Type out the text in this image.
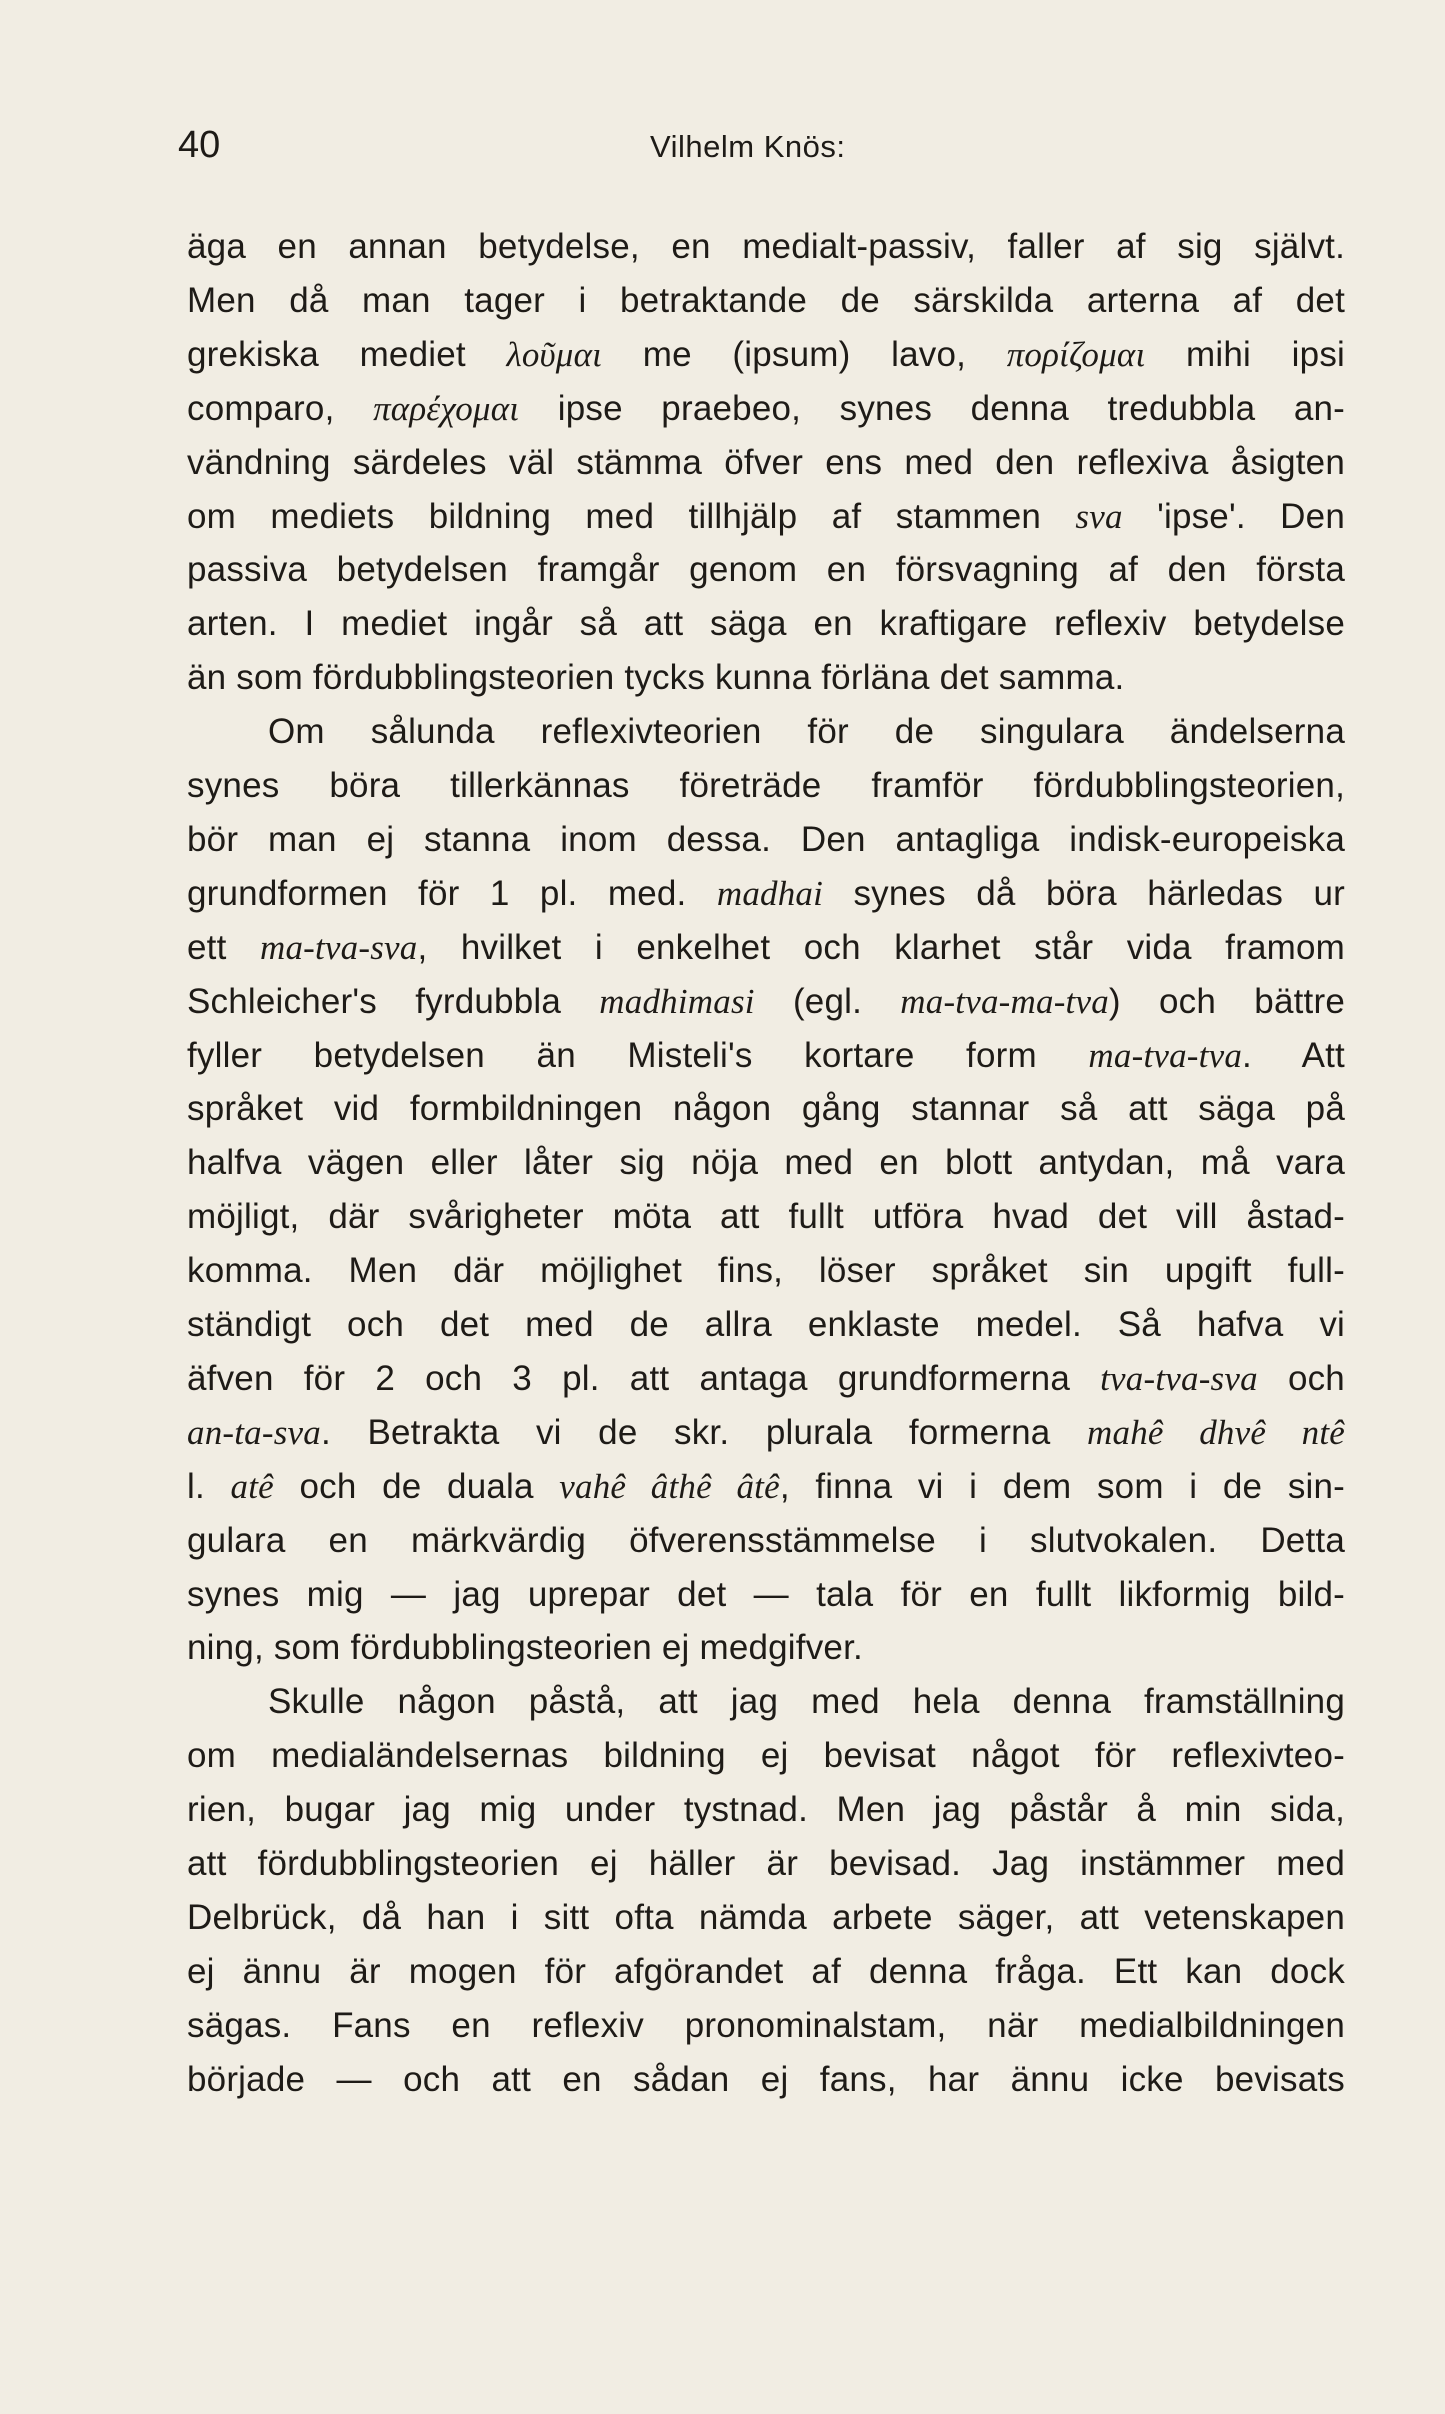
40	Vilhelm Knös:
äga en annan betydelse, en medialt-passiv, faller af sig självt.
Men då man tager i betraktande de särskilda arterna af det
grekiska mediet λοῦμαι me (ipsum) lavo, πορίζομαι mihi ipsi
comparo, παρέχομαι ipse praebeo, synes denna tredubbla an-
vändning särdeles väl stämma öfver ens med den reflexiva åsigten
om mediets bildning med tillhjälp af stammen sva 'ipse'. Den
passiva betydelsen framgår genom en försvagning af den första
arten. I mediet ingår så att säga en kraftigare reflexiv betydelse
än som fördubblingsteorien tycks kunna förläna det samma.
Om sålunda reflexivteorien för de singulara ändelserna
synes böra tillerkännas företräde framför fördubblingsteorien,
bör man ej stanna inom dessa. Den antagliga indisk-europeiska
grundformen för 1 pl. med. madhai synes då böra härledas ur
ett ma-tva-sva, hvilket i enkelhet och klarhet står vida framom
Schleicher's fyrdubbla madhimasi (egl. ma-tva-ma-tva) och bättre
fyller betydelsen än Misteli's kortare form ma-tva-tva. Att
språket vid formbildningen någon gång stannar så att säga på
halfva vägen eller låter sig nöja med en blott antydan, må vara
möjligt, där svårigheter möta att fullt utföra hvad det vill åstad-
komma. Men där möjlighet fins, löser språket sin upgift full-
ständigt och det med de allra enklaste medel. Så hafva vi
äfven för 2 och 3 pl. att antaga grundformerna tva-tva-sva och
an-ta-sva. Betrakta vi de skr. plurala formerna mahê dhvê ntê
l. atê och de duala vahê âthê âtê, finna vi i dem som i de sin-
gulara en märkvärdig öfverensstämmelse i slutvokalen. Detta
synes mig — jag uprepar det — tala för en fullt likformig bild-
ning, som fördubblingsteorien ej medgifver.
Skulle någon påstå, att jag med hela denna framställning
om medialändelsernas bildning ej bevisat något för reflexivteo-
rien, bugar jag mig under tystnad. Men jag påstår å min sida,
att fördubblingsteorien ej häller är bevisad. Jag instämmer med
Delbrück, då han i sitt ofta nämda arbete säger, att vetenskapen
ej ännu är mogen för afgörandet af denna fråga. Ett kan dock
sägas. Fans en reflexiv pronominalstam, när medialbildningen
började — och att en sådan ej fans, har ännu icke bevisats
